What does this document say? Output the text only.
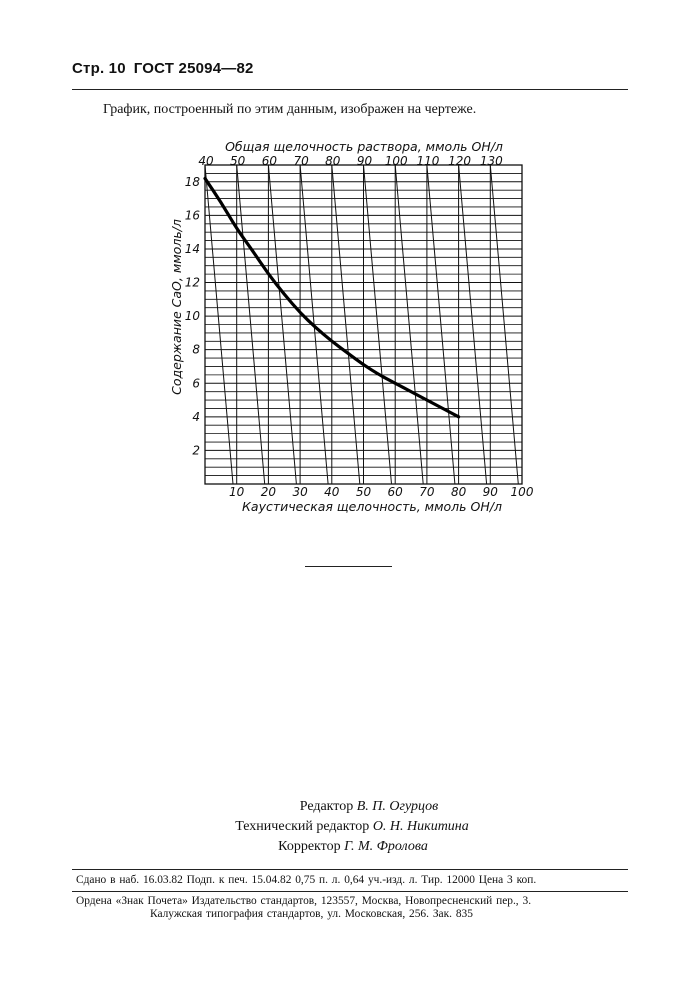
Стр. 10 ГОСТ 25094—82
График, построенный по этим данным, изображен на чертеже.
10 20 30 40 50 60 70 80 90 100
40 50 60 70 80 90 100 110 120 130
2
4
6
8
10
12
14
16
18
Общая щелочность раствора, ммоль ОН/л
Каустическая щелочность, ммоль ОН/л
Содержание СаО, ммоль/л
Редактор В. П. Огурцов
Технический редактор О. Н. Никитина
Корректор Г. М. Фролова
Сдано в наб. 16.03.82 Подп. к печ. 15.04.82 0,75 п. л. 0,64 уч.-изд. л. Тир. 12000 Цена 3 коп.
Ордена «Знак Почета» Издательство стандартов, 123557, Москва, Новопресненский пер., 3.
Калужская типография стандартов, ул. Московская, 256. Зак. 835
